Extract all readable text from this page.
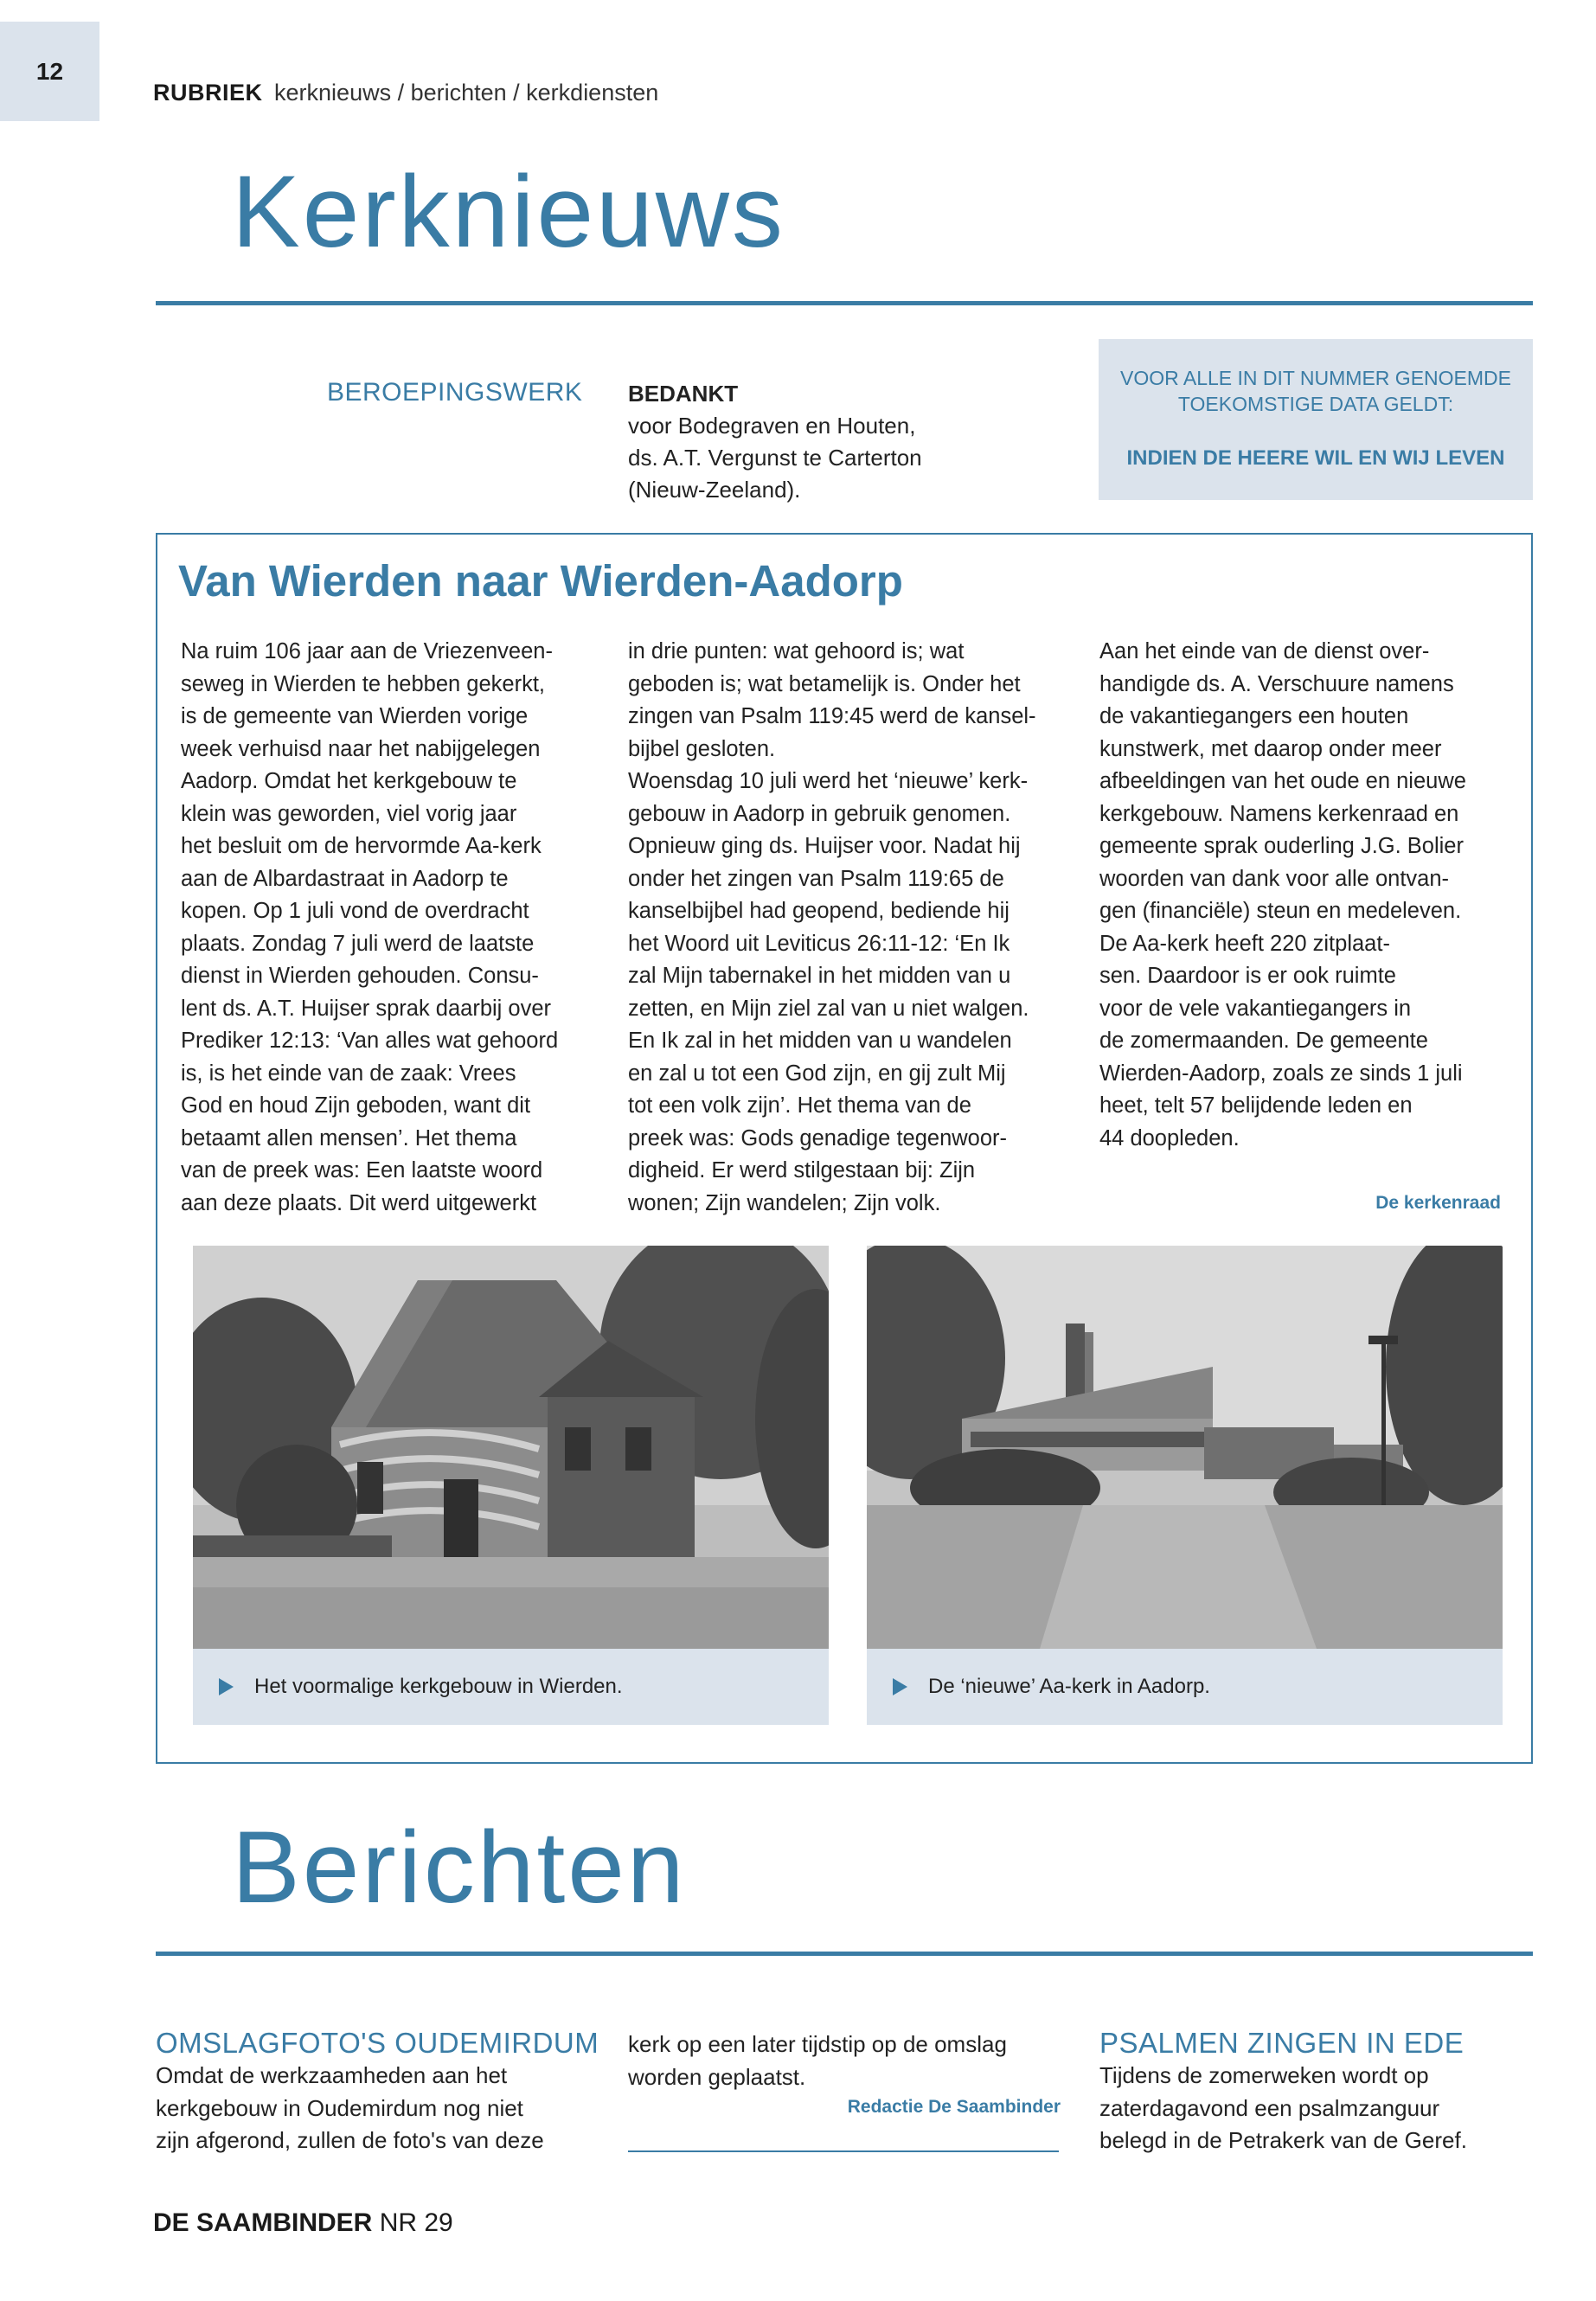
12
RUBRIEK kerknieuws / berichten / kerkdiensten
Kerknieuws
BEROEPINGSWERK BEDANKT
voor Bodegraven en Houten,
ds. A.T. Vergunst te Carterton
(Nieuw-Zeeland).
VOOR ALLE IN DIT NUMMER GENOEMDE TOEKOMSTIGE DATA GELDT:
INDIEN DE HEERE WIL EN WIJ LEVEN
Van Wierden naar Wierden-Aadorp
Na ruim 106 jaar aan de Vriezenveen-
seweg in Wierden te hebben gekerkt,
is de gemeente van Wierden vorige
week verhuisd naar het nabijgelegen
Aadorp. Omdat het kerkgebouw te
klein was geworden, viel vorig jaar
het besluit om de hervormde Aa-kerk
aan de Albardastraat in Aadorp te
kopen. Op 1 juli vond de overdracht
plaats. Zondag 7 juli werd de laatste
dienst in Wierden gehouden. Consu-
lent ds. A.T. Huijser sprak daarbij over
Prediker 12:13: ‘Van alles wat gehoord
is, is het einde van de zaak: Vrees
God en houd Zijn geboden, want dit
betaamt allen mensen’. Het thema
van de preek was: Een laatste woord
aan deze plaats. Dit werd uitgewerkt
in drie punten: wat gehoord is; wat
geboden is; wat betamelijk is. Onder het
zingen van Psalm 119:45 werd de kansel-
bijbel gesloten.
Woensdag 10 juli werd het ‘nieuwe’ kerk-
gebouw in Aadorp in gebruik genomen.
Opnieuw ging ds. Huijser voor. Nadat hij
onder het zingen van Psalm 119:65 de
kanselbijbel had geopend, bediende hij
het Woord uit Leviticus 26:11-12: ‘En Ik
zal Mijn tabernakel in het midden van u
zetten, en Mijn ziel zal van u niet walgen.
En Ik zal in het midden van u wandelen
en zal u tot een God zijn, en gij zult Mij
tot een volk zijn’. Het thema van de
preek was: Gods genadige tegenwoor-
digheid. Er werd stilgestaan bij: Zijn
wonen; Zijn wandelen; Zijn volk.
Aan het einde van de dienst over-
handigde ds. A. Verschuure namens
de vakantiegangers een houten
kunstwerk, met daarop onder meer
afbeeldingen van het oude en nieuwe
kerkgebouw. Namens kerkenraad en
gemeente sprak ouderling J.G. Bolier
woorden van dank voor alle ontvan-
gen (financiële) steun en medeleven.
De Aa-kerk heeft 220 zitplaat-
sen. Daardoor is er ook ruimte
voor de vele vakantiegangers in
de zomermaanden. De gemeente
Wierden-Aadorp, zoals ze sinds 1 juli
heet, telt 57 belijdende leden en
44 doopleden.
De kerkenraad
Het voormalige kerkgebouw in Wierden.	De ‘nieuwe’ Aa-kerk in Aadorp.
Berichten
OMSLAGFOTO'S OUDEMIRDUM
Omdat de werkzaamheden aan het
kerkgebouw in Oudemirdum nog niet
zijn afgerond, zullen de foto's van deze
kerk op een later tijdstip op de omslag
worden geplaatst.
Redactie De Saambinder
PSALMEN ZINGEN IN EDE
Tijdens de zomerweken wordt op
zaterdagavond een psalmzanguur
belegd in de Petrakerk van de Geref.
DE SAAMBINDER NR 29
